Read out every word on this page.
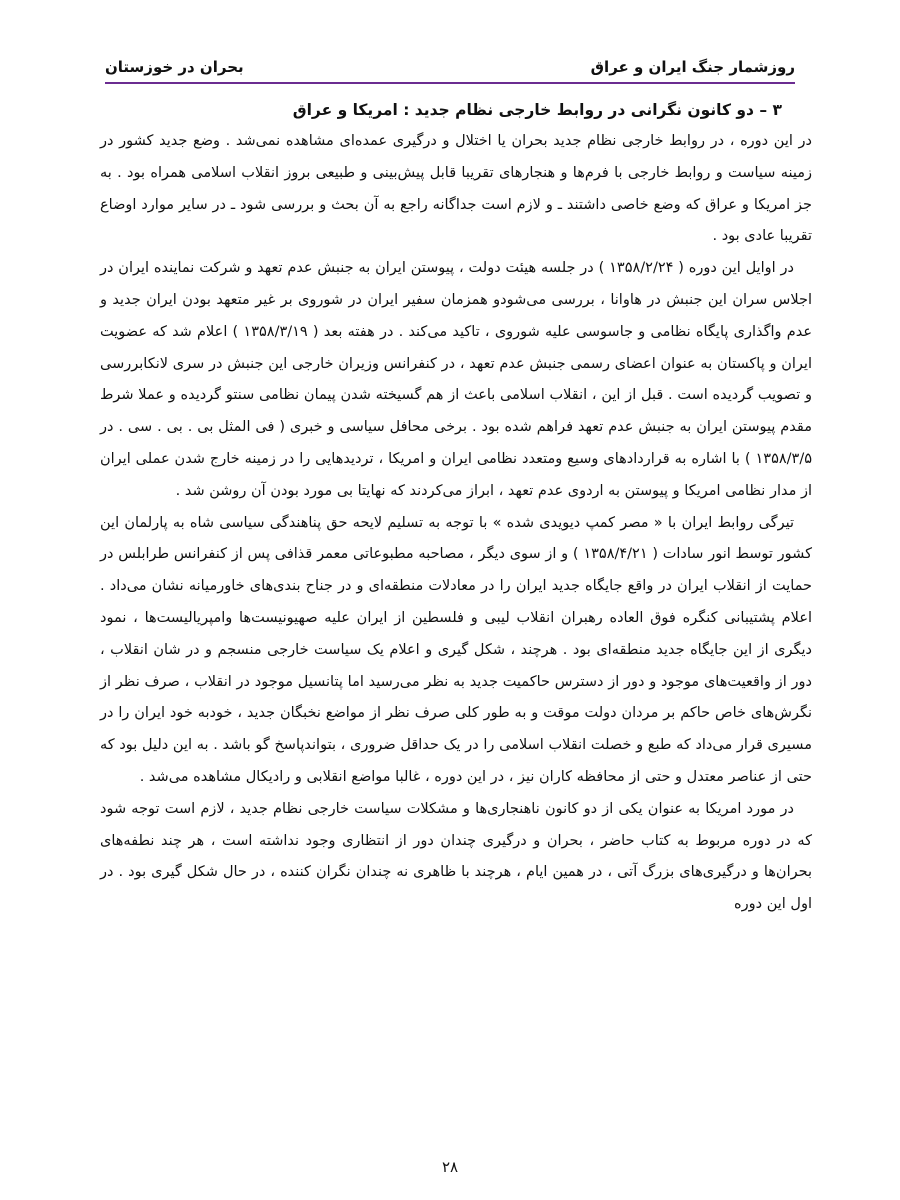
روزشمار جنگ ایران و عراق
بحران در خوزستان
۳ – دو کانون نگرانی در روابط خارجی نظام جدید : امریکا و عراق

در این دوره ، در روابط خارجی نظام جدید بحران یا اختلال و درگیری عمده‌ای مشاهده نمی‌شد . وضع جدید کشور در زمینه سیاست و روابط خارجی با فرم‌ها و هنجارهای تقریبا قابل پیش‌بینی و طبیعی بروز انقلاب اسلامی همراه بود . به جز امریکا و عراق که وضع خاصی داشتند ـ و لازم است جداگانه راجع به آن بحث و بررسی شود ـ در سایر موارد اوضاع تقریبا عادی بود .

در اوایل این دوره ( ۱۳۵۸/۲/۲۴ ) در جلسه هیئت دولت ، پیوستن ایران به جنبش عدم تعهد و شرکت نماینده ایران در اجلاس سران این جنبش در هاوانا ، بررسی می‌شودو همزمان سفیر ایران در شوروی بر غیر متعهد بودن ایران جدید و عدم واگذاری پایگاه نظامی و جاسوسی علیه شوروی ، تاکید می‌کند . در هفته بعد ( ۱۳۵۸/۳/۱۹ ) اعلام شد که عضویت ایران و پاکستان به عنوان اعضای رسمی جنبش عدم تعهد ، در کنفرانس وزیران خارجی این جنبش در سری لانکابررسی و تصویب گردیده است . قبل از این ، انقلاب اسلامی باعث از هم گسیخته شدن پیمان نظامی سنتو گردیده و عملا شرط مقدم پیوستن ایران به جنبش عدم تعهد فراهم شده بود . برخی محافل سیاسی و خبری ( فی المثل بی . بی . سی . در ۱۳۵۸/۳/۵ ) با اشاره به قراردادهای وسیع ومتعدد نظامی ایران و امریکا ، تردیدهایی را در زمینه خارج شدن عملی ایران از مدار نظامی امریکا و پیوستن به اردوی عدم تعهد ، ابراز می‌کردند که نهایتا بی مورد بودن آن روشن شد .

تیرگی روابط ایران با « مصر کمپ دیویدی شده » با توجه به تسلیم لایحه حق پناهندگی سیاسی شاه به پارلمان این کشور توسط انور سادات ( ۱۳۵۸/۴/۲۱ ) و از سوی دیگر ، مصاحبه مطبوعاتی معمر قذافی پس از کنفرانس طرابلس در حمایت از انقلاب ایران در واقع جایگاه جدید ایران را در معادلات منطقه‌ای و در جناح بندی‌های خاورمیانه نشان می‌داد . اعلام پشتیبانی کنگره فوق العاده رهبران انقلاب لیبی و فلسطین از ایران علیه صهیونیست‌ها وامپریالیست‌ها ، نمود دیگری از این جایگاه جدید منطقه‌ای بود . هرچند ، شکل گیری و اعلام یک سیاست خارجی منسجم و در شان انقلاب ، دور از واقعیت‌های موجود و دور از دسترس حاکمیت جدید به نظر می‌رسید اما پتانسیل موجود در انقلاب ، صرف نظر از نگرش‌های خاص حاکم بر مردان دولت موقت و به طور کلی صرف نظر از مواضع نخبگان جدید ، خودبه خود ایران را در مسیری قرار می‌داد که طبع و خصلت انقلاب اسلامی را در یک حداقل ضروری ، بتواندپاسخ گو باشد . به این دلیل بود که حتی از عناصر معتدل و حتی از محافظه کاران نیز ، در این دوره ، غالبا مواضع انقلابی و رادیکال مشاهده می‌شد .

در مورد امریکا به عنوان یکی از دو کانون ناهنجاری‌ها و مشکلات سیاست خارجی نظام جدید ، لازم است توجه شود که در دوره مربوط به کتاب حاضر ، بحران و درگیری چندان دور از انتظاری وجود نداشته است ، هر چند نطفه‌های بحران‌ها و درگیری‌های بزرگ آتی ، در همین ایام ، هرچند با ظاهری نه چندان نگران کننده ، در حال شکل گیری بود . در اول این دوره

۲۸
